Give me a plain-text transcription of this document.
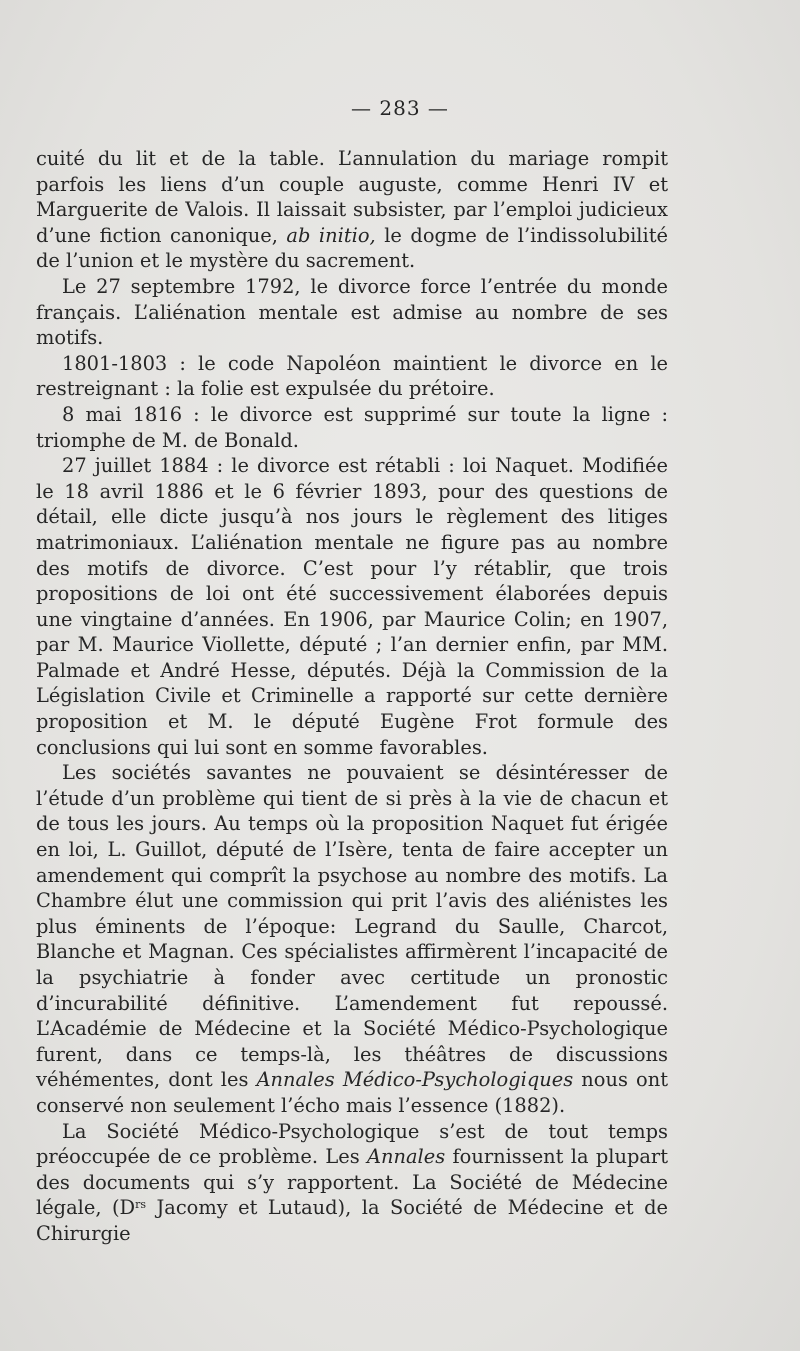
— 283 —

cuité du lit et de la table. L’annulation du mariage rompit parfois les liens d’un couple auguste, comme Henri IV et Marguerite de Valois. Il laissait subsister, par l’emploi judicieux d’une fiction canonique, ab initio, le dogme de l’indissolubilité de l’union et le mystère du sacrement.

Le 27 septembre 1792, le divorce force l’entrée du monde français. L’aliénation mentale est admise au nombre de ses motifs.

1801-1803 : le code Napoléon maintient le divorce en le restreignant : la folie est expulsée du prétoire.

8 mai 1816 : le divorce est supprimé sur toute la ligne : triomphe de M. de Bonald.

27 juillet 1884 : le divorce est rétabli : loi Naquet. Modifiée le 18 avril 1886 et le 6 février 1893, pour des questions de détail, elle dicte jusqu’à nos jours le règlement des litiges matrimoniaux. L’aliénation mentale ne figure pas au nombre des motifs de divorce. C’est pour l’y rétablir, que trois propositions de loi ont été successivement élaborées depuis une vingtaine d’années. En 1906, par Maurice Colin; en 1907, par M. Maurice Viollette, député ; l’an dernier enfin, par MM. Palmade et André Hesse, députés. Déjà la Commission de la Législation Civile et Criminelle a rapporté sur cette dernière proposition et M. le député Eugène Frot formule des conclusions qui lui sont en somme favorables.

Les sociétés savantes ne pouvaient se désintéresser de l’étude d’un problème qui tient de si près à la vie de chacun et de tous les jours. Au temps où la proposition Naquet fut érigée en loi, L. Guillot, député de l’Isère, tenta de faire accepter un amendement qui comprît la psychose au nombre des motifs. La Chambre élut une commission qui prit l’avis des aliénistes les plus éminents de l’époque: Legrand du Saulle, Charcot, Blanche et Magnan. Ces spécialistes affirmèrent l’incapacité de la psychiatrie à fonder avec certitude un pronostic d’incurabilité définitive. L’amendement fut repoussé. L’Académie de Médecine et la Société Médico-Psychologique furent, dans ce temps-là, les théâtres de discussions véhémentes, dont les Annales Médico-Psychologiques nous ont conservé non seulement l’écho mais l’essence (1882).

La Société Médico-Psychologique s’est de tout temps préoccupée de ce problème. Les Annales fournissent la plupart des documents qui s’y rapportent. La Société de Médecine légale, ($D^{rs}$ Jacomy et Lutaud), la Société de Médecine et de Chirurgie
